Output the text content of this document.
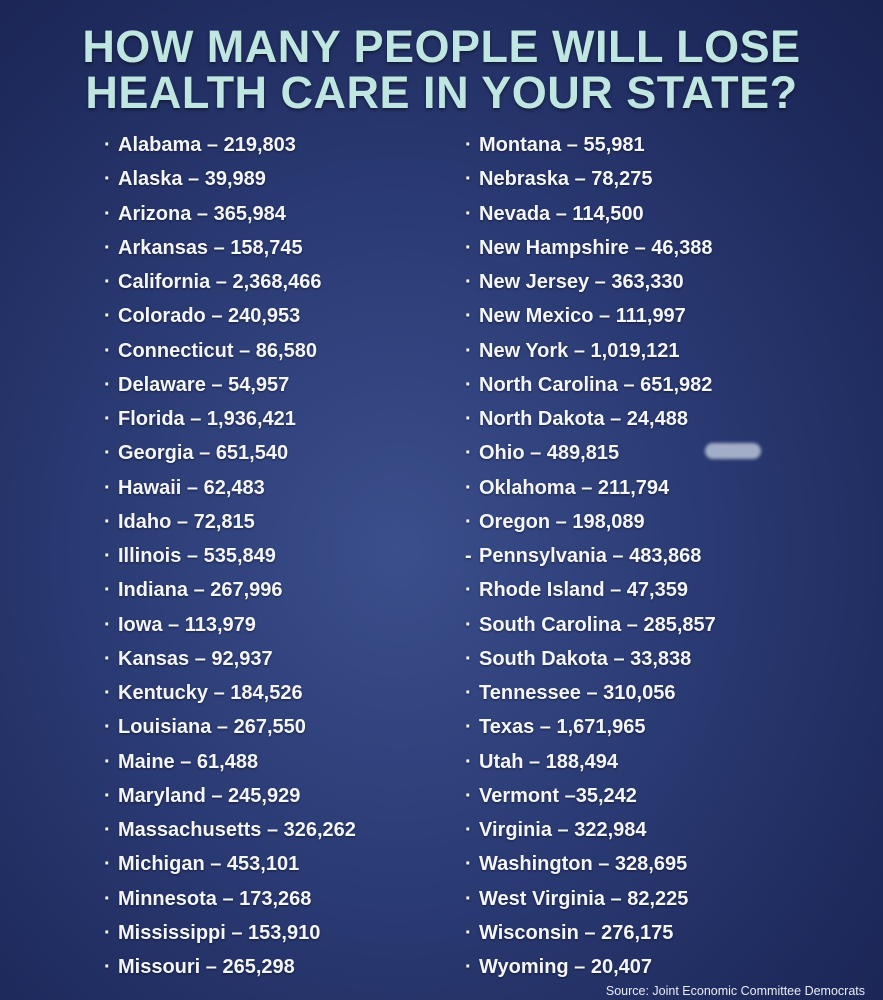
HOW MANY PEOPLE WILL LOSE
HEALTH CARE IN YOUR STATE?
· Alabama – 219,803
· Alaska – 39,989
· Arizona – 365,984
· Arkansas – 158,745
· California – 2,368,466
· Colorado – 240,953
· Connecticut – 86,580
· Delaware – 54,957
· Florida – 1,936,421
· Georgia – 651,540
· Hawaii – 62,483
· Idaho – 72,815
· Illinois – 535,849
· Indiana – 267,996
· Iowa – 113,979
· Kansas – 92,937
· Kentucky – 184,526
· Louisiana – 267,550
· Maine – 61,488
· Maryland – 245,929
· Massachusetts – 326,262
· Michigan – 453,101
· Minnesota – 173,268
· Mississippi – 153,910
· Missouri – 265,298
· Montana – 55,981
· Nebraska – 78,275
· Nevada – 114,500
· New Hampshire – 46,388
· New Jersey – 363,330
· New Mexico – 111,997
· New York – 1,019,121
· North Carolina – 651,982
· North Dakota – 24,488
· Ohio – 489,815
· Oklahoma – 211,794
· Oregon – 198,089
- Pennsylvania – 483,868
· Rhode Island – 47,359
· South Carolina – 285,857
· South Dakota – 33,838
· Tennessee – 310,056
· Texas – 1,671,965
· Utah – 188,494
· Vermont –35,242
· Virginia – 322,984
· Washington – 328,695
· West Virginia – 82,225
· Wisconsin – 276,175
· Wyoming – 20,407
Source: Joint Economic Committee Democrats
